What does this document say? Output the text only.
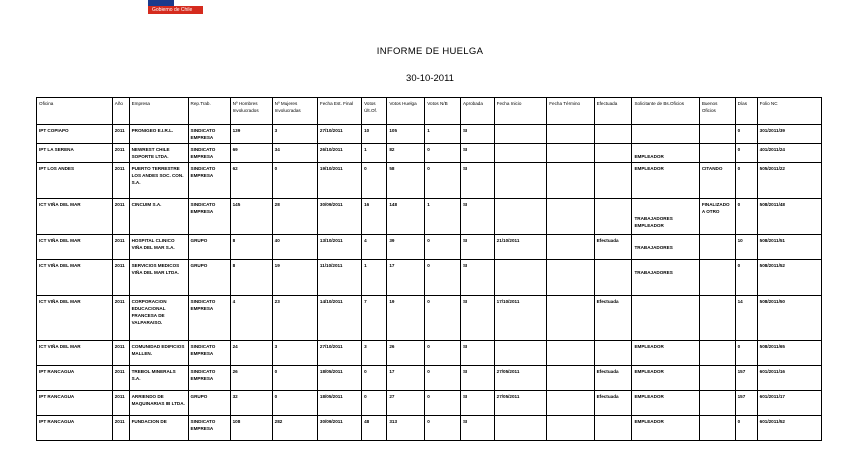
Gobierno de Chile
INFORME DE HUELGA
30-10-2011
Oficina	Año	Empresa	Rep.Trab.	Nº Hombres Involucrados	Nº Mujeres Involucradas	Fecha Est. Final	Votos Últ.Of.	Votos Huelga	Votos N/B	Aprobada	Fecha Inicio	Fecha Término	Efectuada	Solicitante de Bs.Oficios	Buenos Oficios	Días	Folio NC
IPT COPIAPO	2011	PRONIGEO E.I.R.L.	SINDICATO EMPRESA	139	3	27/10/2011	10	105	1	SI						0	301/2011/39
IPT LA SERENA	2011	NEWREST CHILE SOPORTE LTDA.	SINDICATO EMPRESA	69	34	26/10/2011	1	82	0	SI				EMPLEADOR		0	401/2011/24
IPT LOS ANDES	2011	PUERTO TERRESTRE LOS ANDES SOC. CON. S.A.	SINDICATO EMPRESA	62	0	19/10/2011	0	58	0	SI				EMPLEADOR	CITANDO	0	505/2011/22
ICT VIÑA DEL MAR	2011	CINCUIM S.A.	SINDICATO EMPRESA	145	28	30/09/2011	16	148	1	SI				TRABAJADORES EMPLEADOR	FINALIZADO A OTRO	0	508/2011/48
ICT VIÑA DEL MAR	2011	HOSPITAL CLINICO VIÑA DEL MAR S.A.	GRUPO	8	40	13/10/2011	4	39	0	SI	21/10/2011		Efectuada	TRABAJADORES		10	508/2011/51
ICT VIÑA DEL MAR	2011	SERVICIOS MEDICOS VIÑA DEL MAR LTDA.	GRUPO	8	19	11/10/2011	1	17	0	SI				TRABAJADORES		0	508/2011/52
ICT VIÑA DEL MAR	2011	CORPORACION EDUCACIONAL FRANCESA DE VALPARAISO.	SINDICATO EMPRESA	4	23	14/10/2011	7	19	0	SI	17/10/2011		Efectuada			14	508/2011/50
ICT VIÑA DEL MAR	2011	COMUNIDAD EDIFICIOS MALLEN.	SINDICATO EMPRESA	24	3	27/10/2011	3	26	0	SI				EMPLEADOR		0	508/2011/65
IPT RANCAGUA	2011	TREBOL MINERALS S.A.	SINDICATO EMPRESA	26	0	18/05/2011	0	17	0	SI	27/05/2011		Efectuada	EMPLEADOR		157	601/2011/16
IPT RANCAGUA	2011	ARRIENDO DE MAQUINARIAS IB LTDA.	GRUPO	32	0	18/05/2011	0	27	0	SI	27/05/2011		Efectuada	EMPLEADOR		157	601/2011/17
IPT RANCAGUA	2011	FUNDACION DE	SINDICATO EMPRESA	108	282	30/09/2011	48	313	0	SI				EMPLEADOR		0	601/2011/52
